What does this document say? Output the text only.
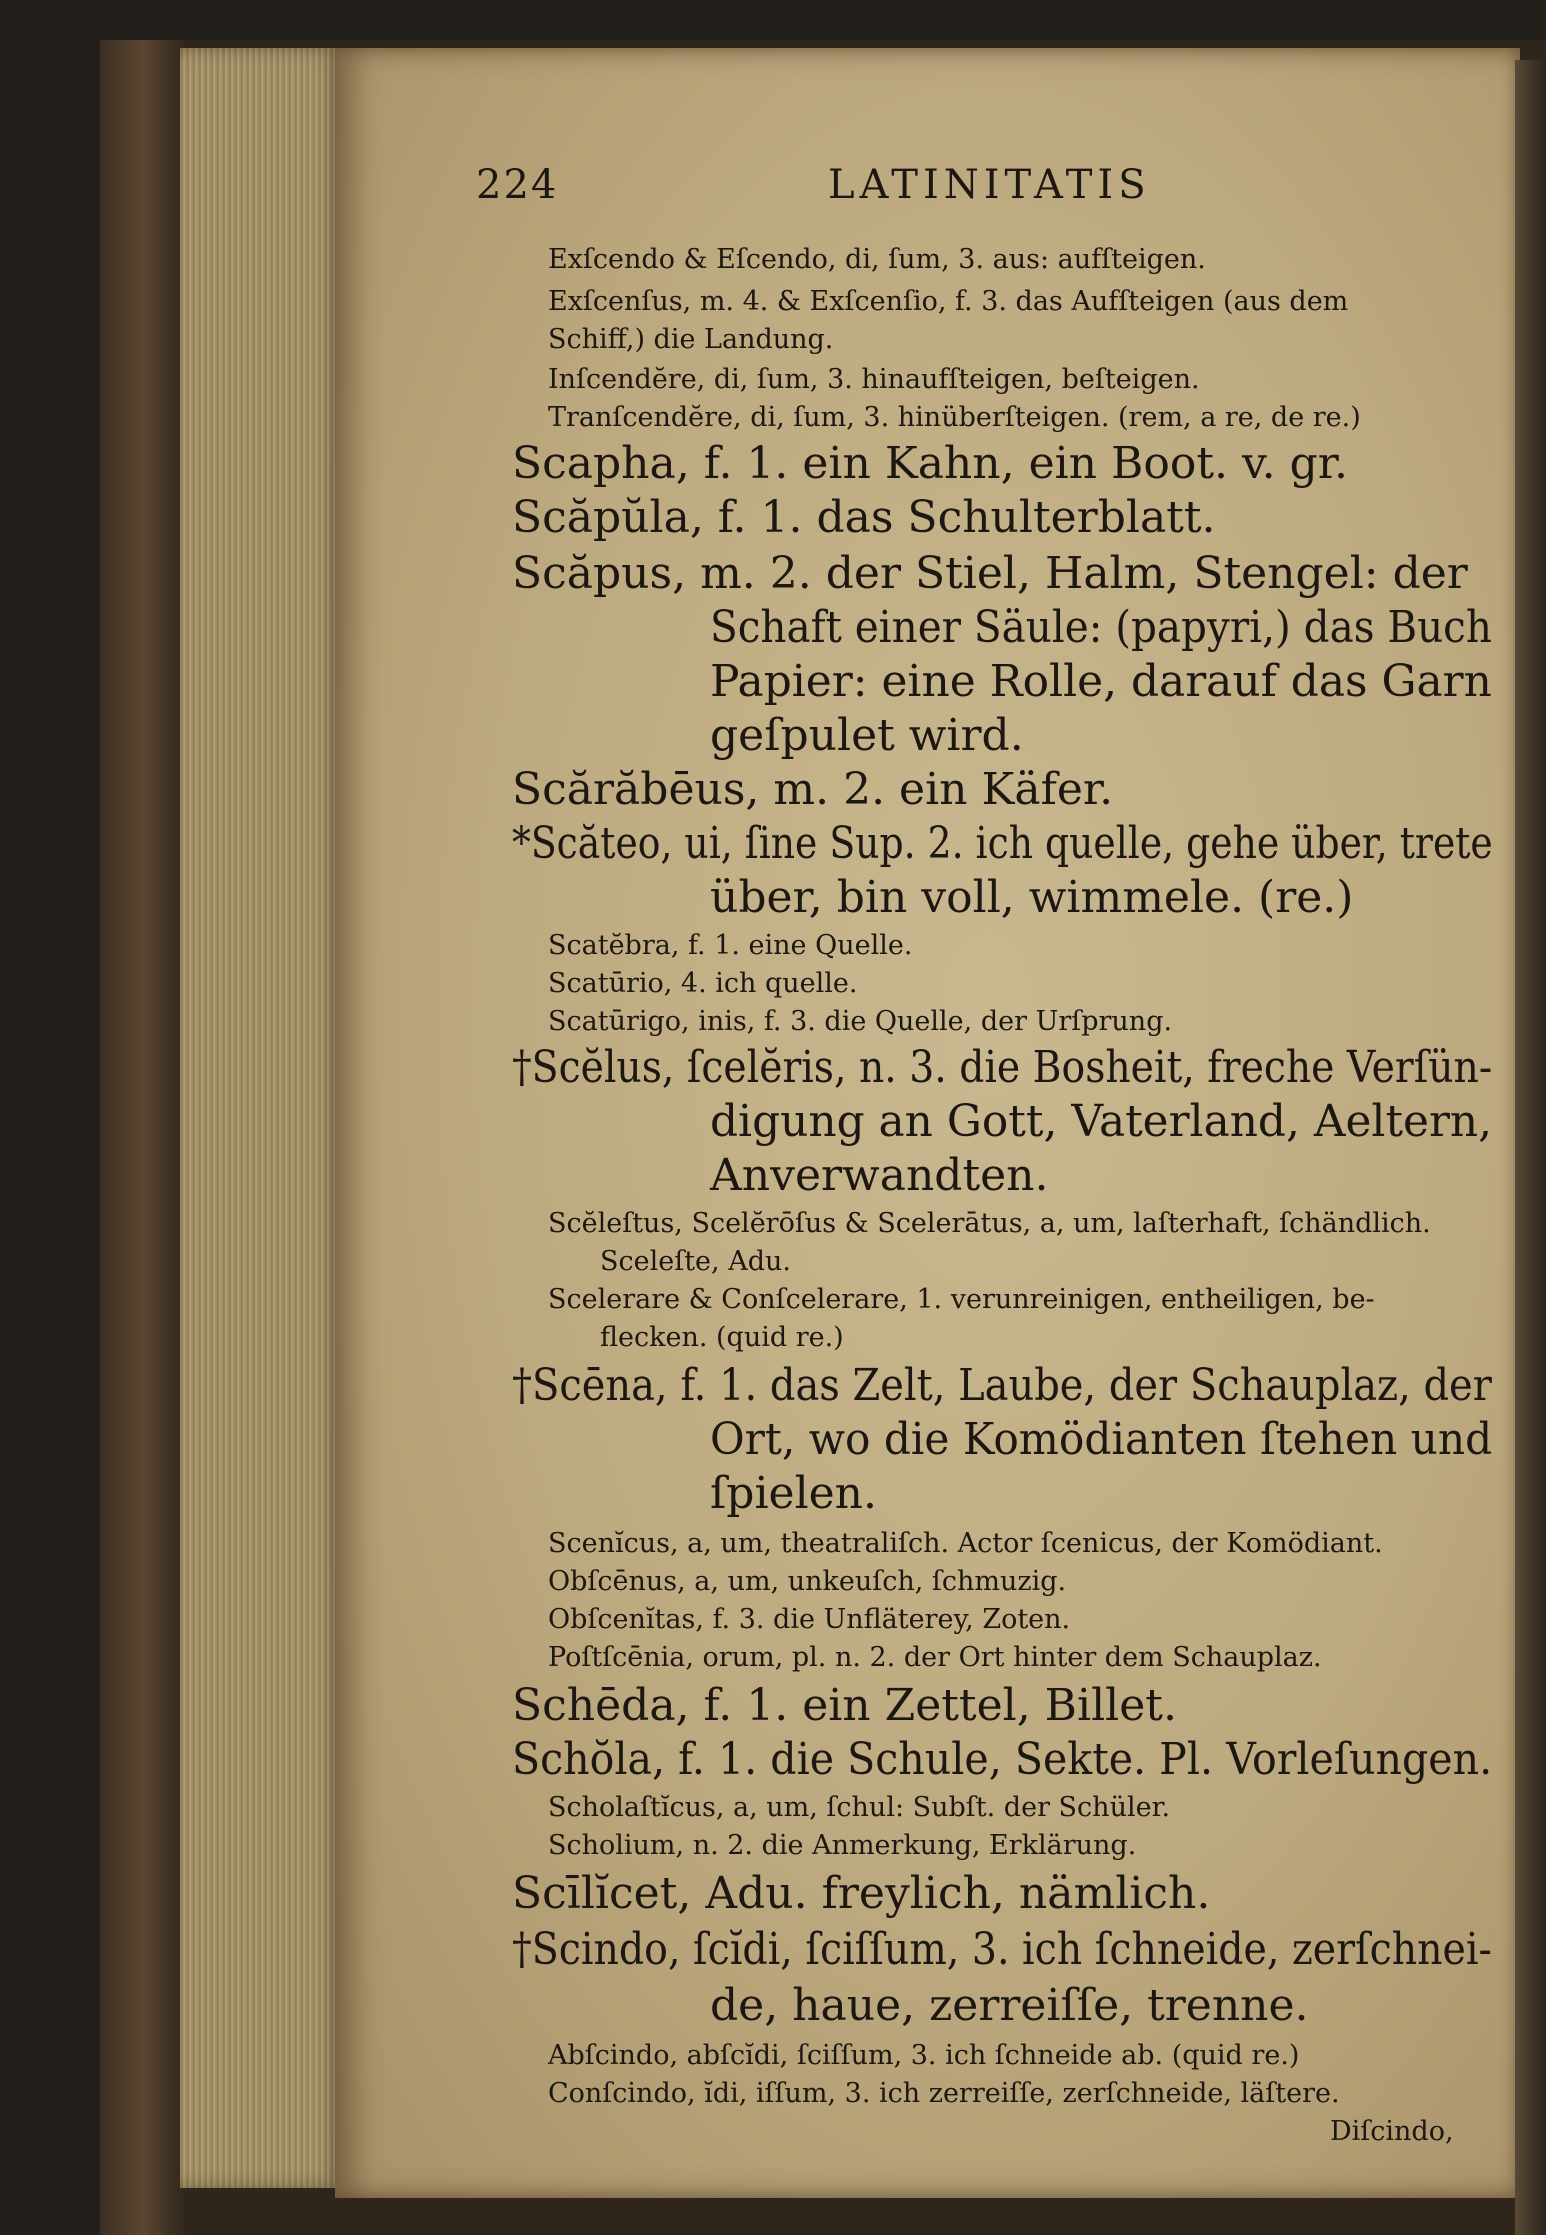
224	LATINITATIS
Exſcendo & Eſcendo, di, ſum, 3. aus: aufſteigen.
Exſcenſus, m. 4. & Exſcenſio, f. 3. das Aufſteigen (aus dem
Schiff,) die Landung.
Inſcendĕre, di, ſum, 3. hinaufſteigen, beſteigen.
Tranſcendĕre, di, ſum, 3. hinüberſteigen. (rem, a re, de re.)
Scapha, f. 1. ein Kahn, ein Boot. v. gr.
Scăpŭla, f. 1. das Schulterblatt.
Scăpus, m. 2. der Stiel, Halm, Stengel: der
Schaft einer Säule: (papyri,) das Buch
Papier: eine Rolle, darauf das Garn
geſpulet wird.
Scărăbēus, m. 2. ein Käfer.
*Scăteo, ui, ſine Sup. 2. ich quelle, gehe über, trete
über, bin voll, wimmele. (re.)
Scatĕbra, f. 1. eine Quelle.
Scatūrio, 4. ich quelle.
Scatūrigo, inis, f. 3. die Quelle, der Urſprung.
†Scĕlus, ſcelĕris, n. 3. die Bosheit, freche Verſün-
digung an Gott, Vaterland, Aeltern,
Anverwandten.
Scĕleſtus, Scelĕrōſus & Scelerātus, a, um, laſterhaft, ſchändlich.
Sceleſte, Adu.
Scelerare & Conſcelerare, 1. verunreinigen, entheiligen, be-
flecken. (quid re.)
†Scēna, f. 1. das Zelt, Laube, der Schauplaz, der
Ort, wo die Komödianten ſtehen und
ſpielen.
Scenĭcus, a, um, theatraliſch. Actor ſcenicus, der Komödiant.
Obſcēnus, a, um, unkeuſch, ſchmuzig.
Obſcenĭtas, f. 3. die Unfläterey, Zoten.
Poſtſcēnia, orum, pl. n. 2. der Ort hinter dem Schauplaz.
Schēda, f. 1. ein Zettel, Billet.
Schŏla, f. 1. die Schule, Sekte. Pl. Vorleſungen.
Scholaſtĭcus, a, um, ſchul: Subſt. der Schüler.
Scholium, n. 2. die Anmerkung, Erklärung.
Scīlĭcet, Adu. freylich, nämlich.
†Scindo, ſcĭdi, ſciſſum, 3. ich ſchneide, zerſchnei-
de, haue, zerreiſſe, trenne.
Abſcindo, abſcĭdi, ſciſſum, 3. ich ſchneide ab. (quid re.)
Conſcindo, ĭdi, iſſum, 3. ich zerreiſſe, zerſchneide, läſtere.
Diſcindo,
